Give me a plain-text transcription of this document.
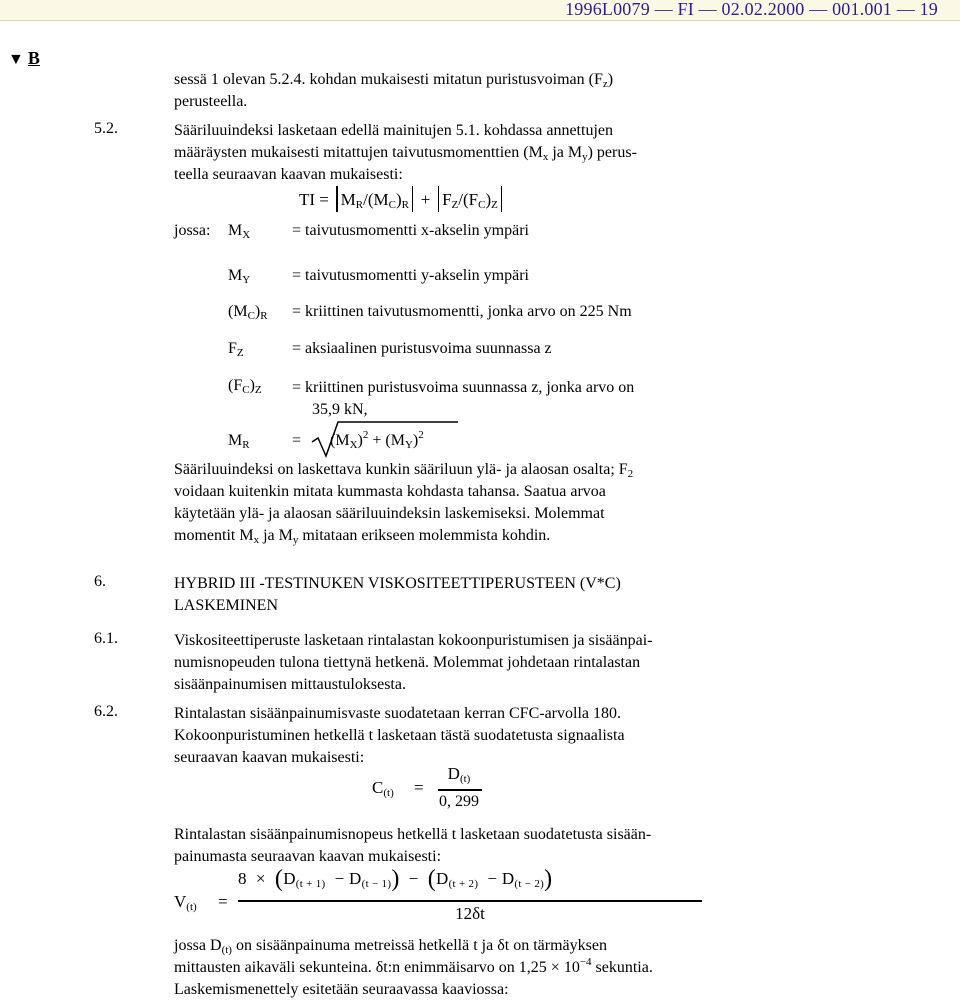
1996L0079 — FI — 02.02.2000 — 001.001 — 19
▼ B
sessä 1 olevan 5.2.4. kohdan mukaisesti mitatun puristusvoiman $(F_z)$
perusteella.
5.2.	Sääriluuindeksi lasketaan edellä mainitujen 5.1. kohdassa annettujen
määräysten mukaisesti mitattujen taivutusmomenttien ($M_x$ ja $M_y$) perus-
teella seuraavan kaavan mukaisesti:
TI = $M_R/(M_C)_R + F_Z/(F_C)_Z$
jossa: $M_X$	= taivutusmomentti x-akselin ympäri
$M_Y$	= taivutusmomentti y-akselin ympäri
$(M_C)_R$ = kriittinen taivutusmomentti, jonka arvo on 225 Nm
$F_Z$	= aksiaalinen puristusvoima suunnassa z
$(F_C)_Z$ = kriittinen puristusvoima suunnassa z, jonka arvo on
35,9 kN,
$M_R$	= $(M_X)^2 + (M_Y)^2$
Sääriluuindeksi on laskettava kunkin sääriluun ylä- ja alaosan osalta; $F_2$
voidaan kuitenkin mitata kummasta kohdasta tahansa. Saatua arvoa
käytetään ylä- ja alaosan sääriluuindeksin laskemiseksi. Molemmat
momentit $M_x$ ja $M_y$ mitataan erikseen molemmista kohdin.
6.	HYBRID III -TESTINUKEN VISKOSITEETTIPERUSTEEN (V*C)
LASKEMINEN
6.1.	Viskositeettiperuste lasketaan rintalastan kokoonpuristumisen ja sisäänpai-
numisnopeuden tulona tiettynä hetkenä. Molemmat johdetaan rintalastan
sisäänpainumisen mittaustuloksesta.
6.2.	Rintalastan sisäänpainumisvaste suodatetaan kerran CFC-arvolla 180.
Kokoonpuristuminen hetkellä t lasketaan tästä suodatetusta signaalista
seuraavan kaavan mukaisesti:
$C_{(t)}$ =
$D_{(t)}$
0, 299
Rintalastan sisäänpainumisnopeus hetkellä t lasketaan suodatetusta sisään-
painumasta seuraavan kaavan mukaisesti:
$V_{(t)}$ =
$8 \times (D_{(t + 1)} - D_{(t - 1)}) - (D_{(t + 2)} - D_{(t - 2)})$
12δt
jossa $D_{(t)}$ on sisäänpainuma metreissä hetkellä t ja δt on tärmäyksen
mittausten aikaväli sekunteina. δt:n enimmäisarvo on $1,25 \times 10^{-4}$ sekuntia.
Laskemismenettely esitetään seuraavassa kaaviossa:
